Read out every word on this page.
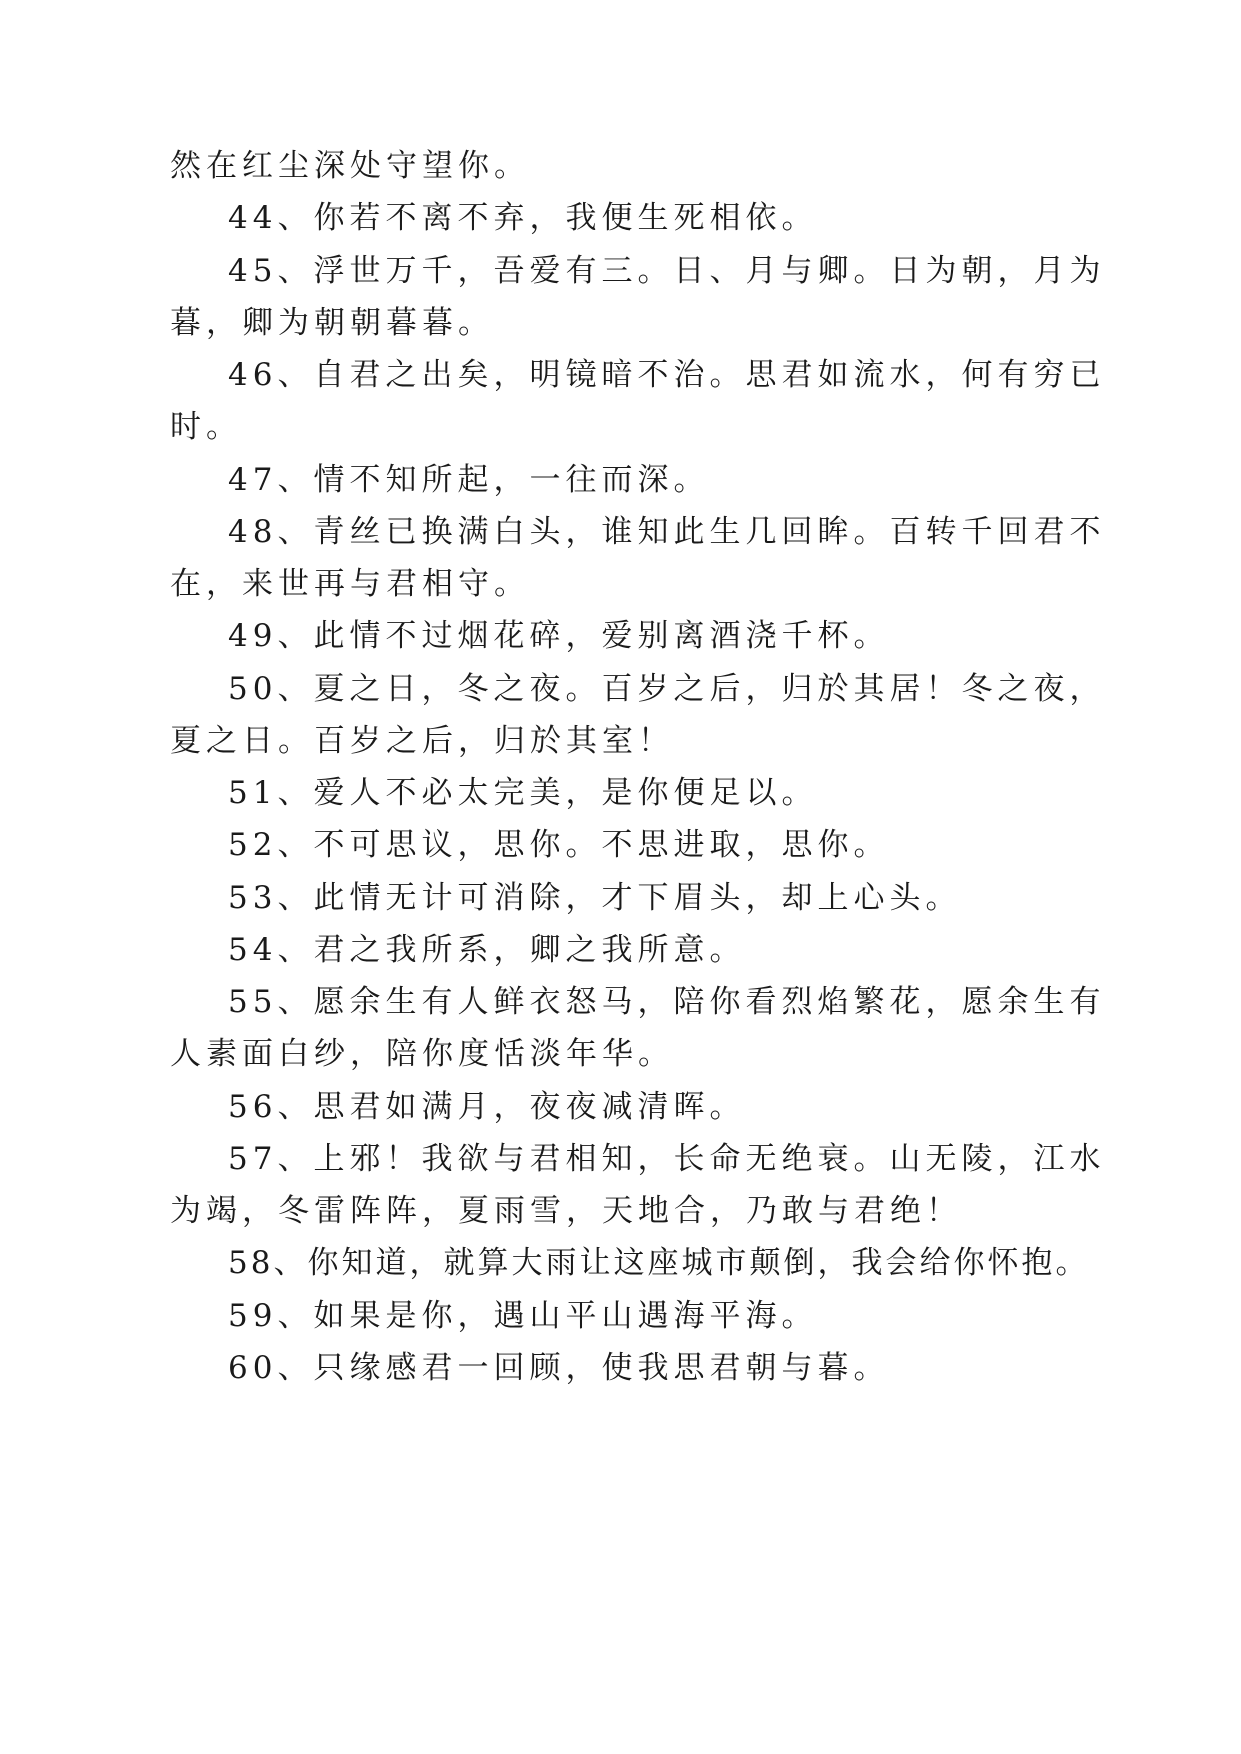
然在红尘深处守望你。
44、你若不离不弃，我便生死相依。
45、浮世万千，吾爱有三。日、月与卿。日为朝，月为
暮，卿为朝朝暮暮。
46、自君之出矣，明镜暗不治。思君如流水，何有穷已
时。
47、情不知所起，一往而深。
48、青丝已换满白头，谁知此生几回眸。百转千回君不
在，来世再与君相守。
49、此情不过烟花碎，爱别离酒浇千杯。
50、夏之日，冬之夜。百岁之后，归於其居！冬之夜，
夏之日。百岁之后，归於其室！
51、爱人不必太完美，是你便足以。
52、不可思议，思你。不思进取，思你。
53、此情无计可消除，才下眉头，却上心头。
54、君之我所系，卿之我所意。
55、愿余生有人鲜衣怒马，陪你看烈焰繁花，愿余生有
人素面白纱，陪你度恬淡年华。
56、思君如满月，夜夜减清晖。
57、上邪！我欲与君相知，长命无绝衰。山无陵，江水
为竭，冬雷阵阵，夏雨雪，天地合，乃敢与君绝！
58、你知道，就算大雨让这座城市颠倒，我会给你怀抱。
59、如果是你，遇山平山遇海平海。
60、只缘感君一回顾，使我思君朝与暮。
